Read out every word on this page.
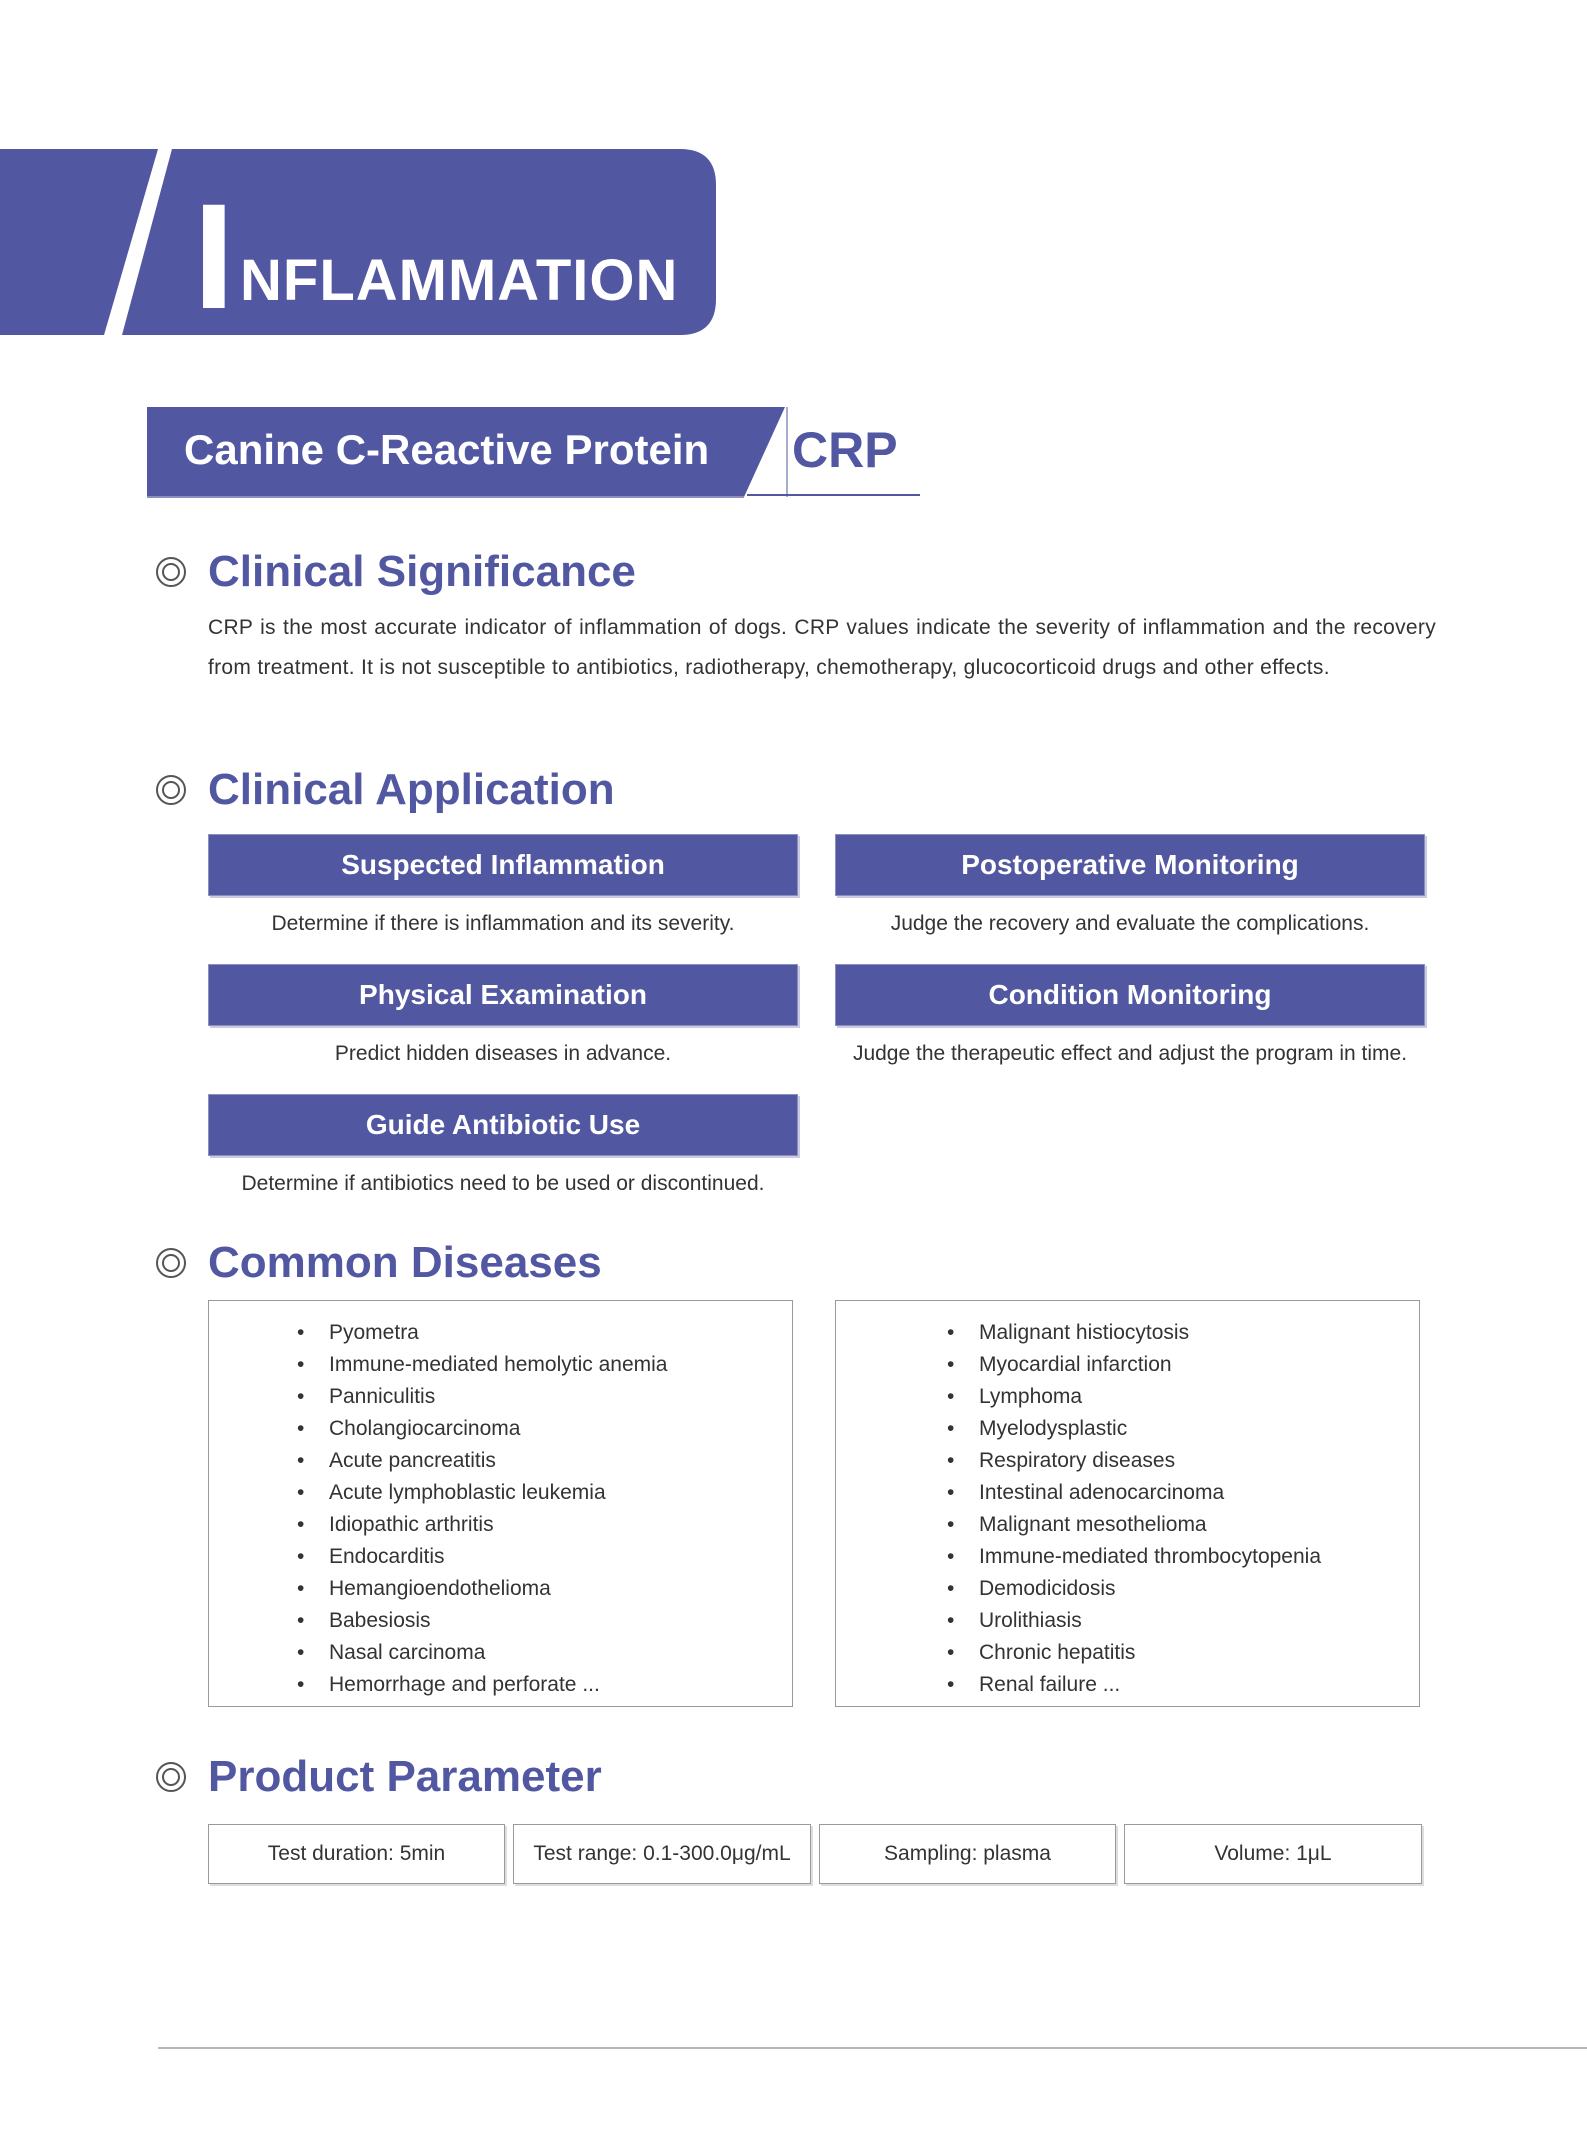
I NFLAMMATION
Canine C-Reactive Protein CRP
Clinical Significance
CRP is the most accurate indicator of inflammation of dogs. CRP values indicate the severity of inflammation and the recovery from treatment. It is not susceptible to antibiotics, radiotherapy, chemotherapy, glucocorticoid drugs and other effects.
Clinical Application
Suspected Inflammation
Determine if there is inflammation and its severity.
Postoperative Monitoring
Judge the recovery and evaluate the complications.
Physical Examination
Predict hidden diseases in advance.
Condition Monitoring
Judge the therapeutic effect and adjust the program in time.
Guide Antibiotic Use
Determine if antibiotics need to be used or discontinued.
Common Diseases
• Pyometra
• Immune-mediated hemolytic anemia
• Panniculitis
• Cholangiocarcinoma
• Acute pancreatitis
• Acute lymphoblastic leukemia
• Idiopathic arthritis
• Endocarditis
• Hemangioendothelioma
• Babesiosis
• Nasal carcinoma
• Hemorrhage and perforate ...
• Malignant histiocytosis
• Myocardial infarction
• Lymphoma
• Myelodysplastic
• Respiratory diseases
• Intestinal adenocarcinoma
• Malignant mesothelioma
• Immune-mediated thrombocytopenia
• Demodicidosis
• Urolithiasis
• Chronic hepatitis
• Renal failure ...
Product Parameter
Test duration: 5min	Test range: 0.1-300.0μg/mL	Sampling: plasma	Volume: 1μL
